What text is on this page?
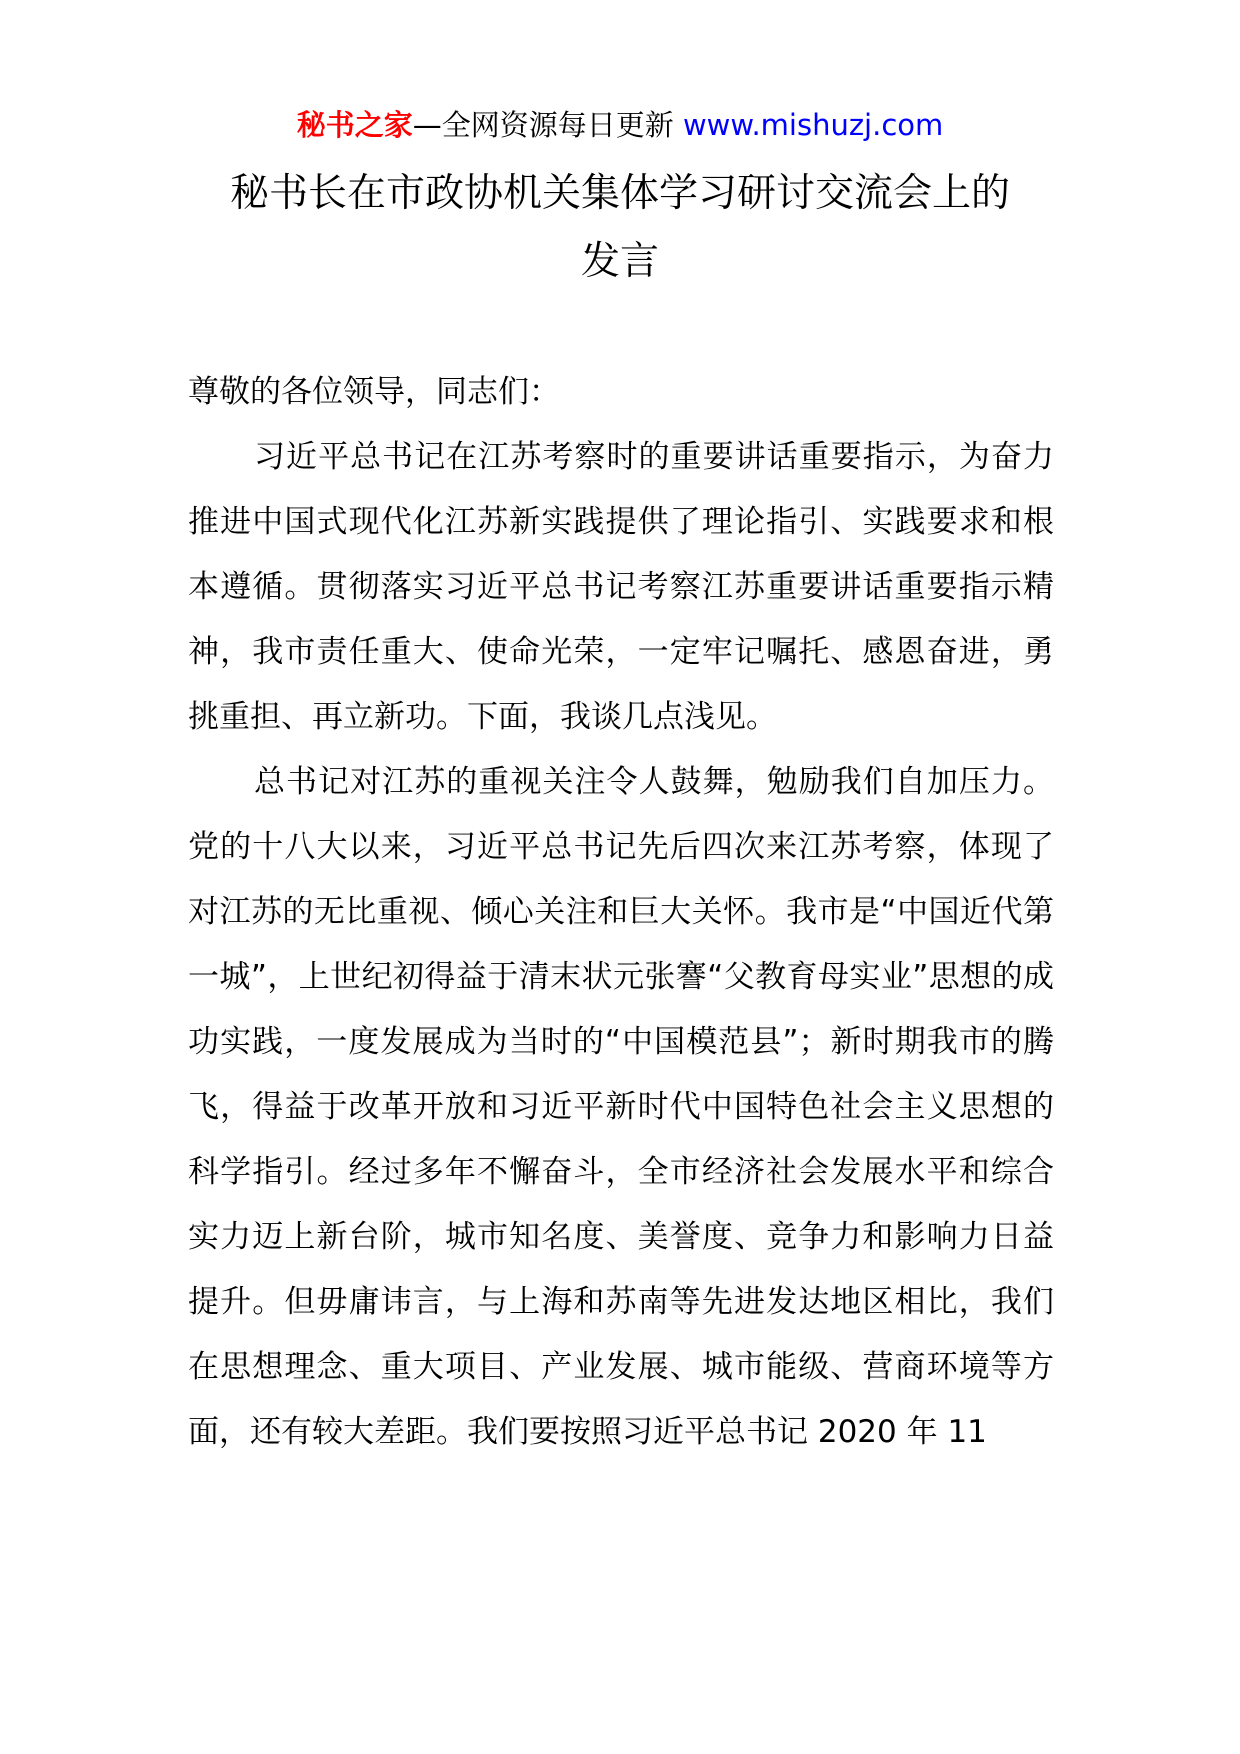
秘书之家—全网资源每日更新 www.mishuzj.com
秘书长在市政协机关集体学习研讨交流会上的
发言

尊敬的各位领导，同志们：

习近平总书记在江苏考察时的重要讲话重要指示，为奋力推进中国式现代化江苏新实践提供了理论指引、实践要求和根本遵循。贯彻落实习近平总书记考察江苏重要讲话重要指示精神，我市责任重大、使命光荣，一定牢记嘱托、感恩奋进，勇挑重担、再立新功。下面，我谈几点浅见。

总书记对江苏的重视关注令人鼓舞，勉励我们自加压力。党的十八大以来，习近平总书记先后四次来江苏考察，体现了对江苏的无比重视、倾心关注和巨大关怀。我市是“中国近代第一城”，上世纪初得益于清末状元张謇“父教育母实业”思想的成功实践，一度发展成为当时的“中国模范县”；新时期我市的腾飞，得益于改革开放和习近平新时代中国特色社会主义思想的科学指引。经过多年不懈奋斗，全市经济社会发展水平和综合实力迈上新台阶，城市知名度、美誉度、竞争力和影响力日益提升。但毋庸讳言，与上海和苏南等先进发达地区相比，我们在思想理念、重大项目、产业发展、城市能级、营商环境等方面，还有较大差距。我们要按照习近平总书记 2020 年 11
